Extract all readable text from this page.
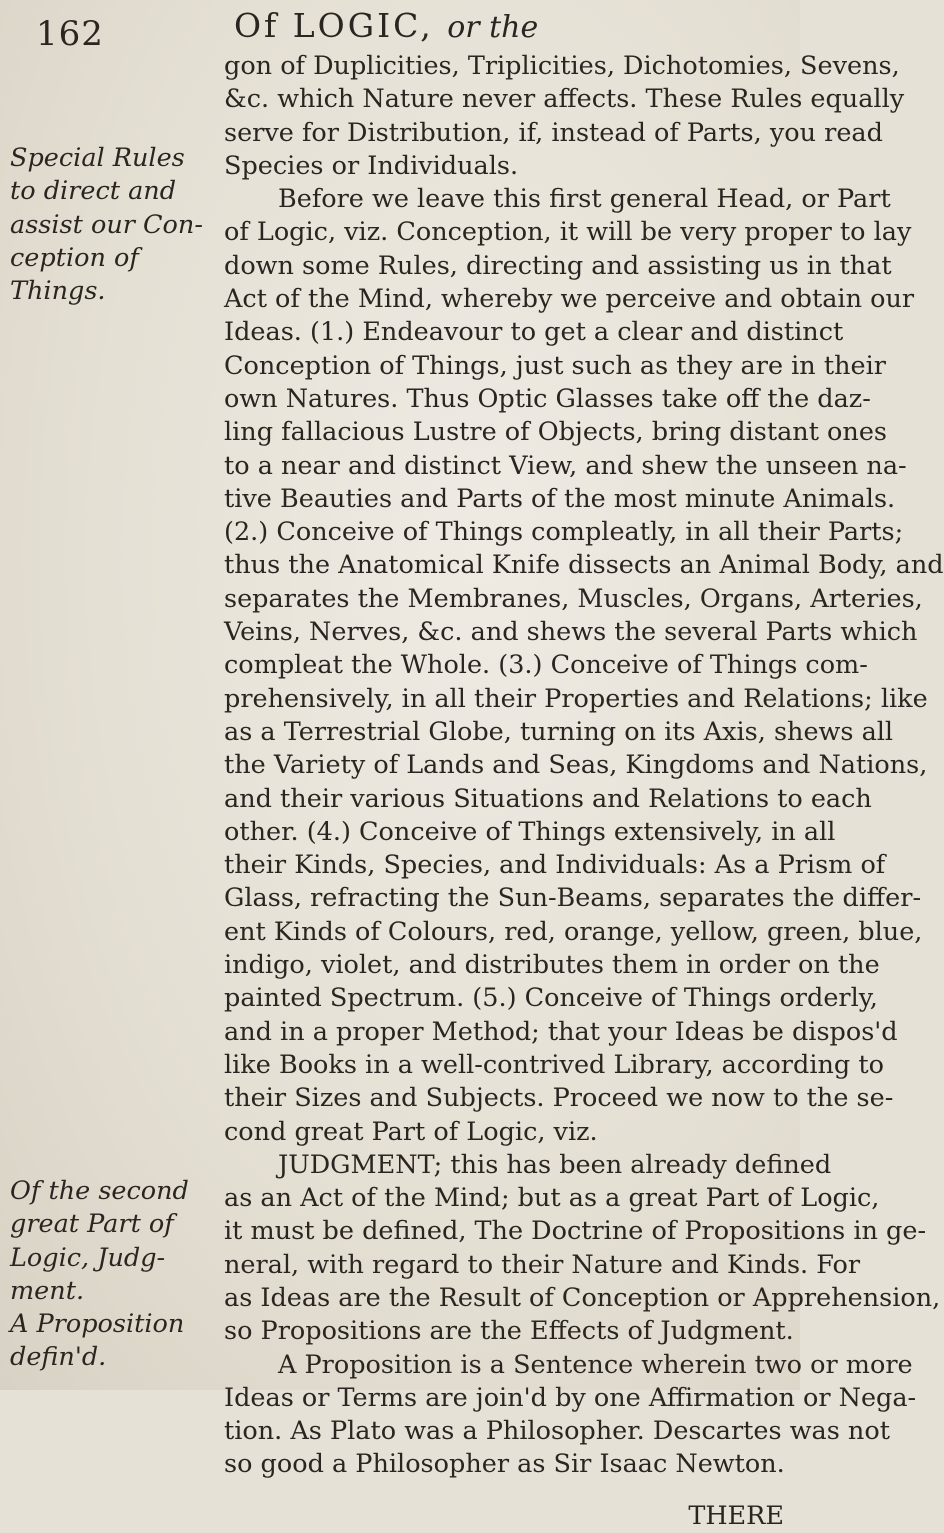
162	Of LOGIC, or the
Special Rules
to direct and
assist our Con-
ception of
Things.
Of the second
great Part of
Logic, Judg-
ment.
A Proposition
defin'd.
gon of Duplicities, Triplicities, Dichotomies, Sevens,
&c. which Nature never affects. These Rules equally
serve for Distribution, if, instead of Parts, you read
Species or Individuals.
Before we leave this first general Head, or Part
of Logic, viz. Conception, it will be very proper to lay
down some Rules, directing and assisting us in that
Act of the Mind, whereby we perceive and obtain our
Ideas. (1.) Endeavour to get a clear and distinct
Conception of Things, just such as they are in their
own Natures. Thus Optic Glasses take off the daz-
ling fallacious Lustre of Objects, bring distant ones
to a near and distinct View, and shew the unseen na-
tive Beauties and Parts of the most minute Animals.
(2.) Conceive of Things compleatly, in all their Parts;
thus the Anatomical Knife dissects an Animal Body, and
separates the Membranes, Muscles, Organs, Arteries,
Veins, Nerves, &c. and shews the several Parts which
compleat the Whole. (3.) Conceive of Things com-
prehensively, in all their Properties and Relations; like
as a Terrestrial Globe, turning on its Axis, shews all
the Variety of Lands and Seas, Kingdoms and Nations,
and their various Situations and Relations to each
other. (4.) Conceive of Things extensively, in all
their Kinds, Species, and Individuals: As a Prism of
Glass, refracting the Sun-Beams, separates the differ-
ent Kinds of Colours, red, orange, yellow, green, blue,
indigo, violet, and distributes them in order on the
painted Spectrum. (5.) Conceive of Things orderly,
and in a proper Method; that your Ideas be dispos'd
like Books in a well-contrived Library, according to
their Sizes and Subjects. Proceed we now to the se-
cond great Part of Logic, viz.
JUDGMENT; this has been already defined
as an Act of the Mind; but as a great Part of Logic,
it must be defined, The Doctrine of Propositions in ge-
neral, with regard to their Nature and Kinds. For
as Ideas are the Result of Conception or Apprehension,
so Propositions are the Effects of Judgment.
A Proposition is a Sentence wherein two or more
Ideas or Terms are join'd by one Affirmation or Nega-
tion. As Plato was a Philosopher. Descartes was not
so good a Philosopher as Sir Isaac Newton.
THERE
